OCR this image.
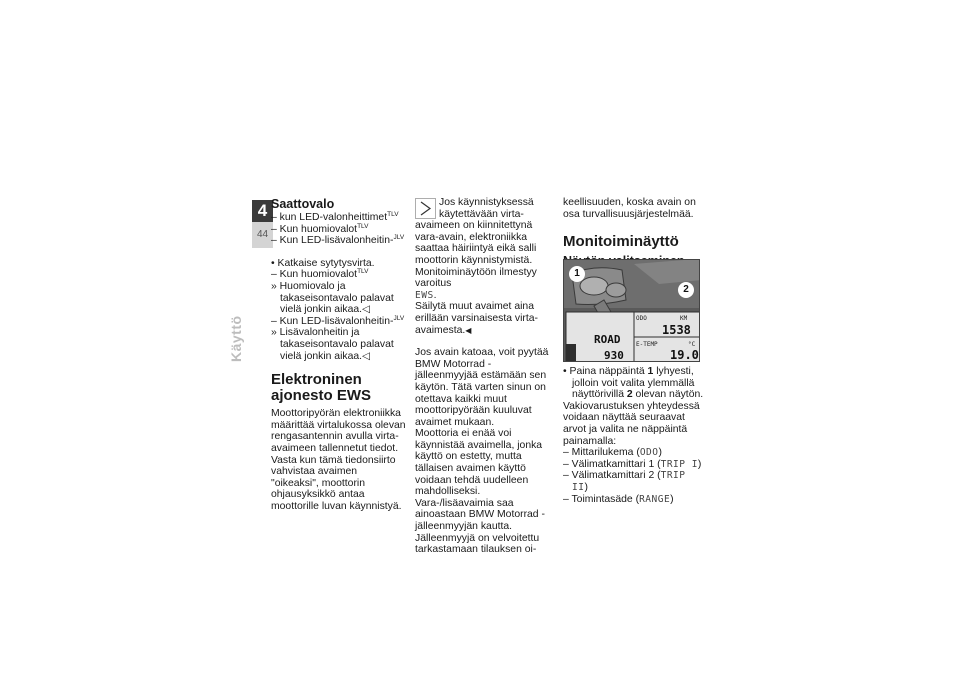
4
44
Käyttö
Saattovalo
– kun LED-valonheittimet$^{TLV}$
– Kun huomiovalot$^{TLV}$
– Kun LED-lisävalonheitin-$^{JLV}$
• Katkaise sytytysvirta.
– Kun huomiovalot$^{TLV}$
» Huomiovalo ja takaseisontavalo palavat vielä jonkin aikaa.◁
– Kun LED-lisävalonheitin-$^{JLV}$
» Lisävalonheitin ja takaseisontavalo palavat vielä jonkin aikaa.◁
Elektroninen ajonesto EWS
Moottoripyörän elektroniikka määrittää virtalukossa olevan rengasantennin avulla virtaavaimeen tallennetut tiedot. Vasta kun tämä tiedonsiirto vahvistaa avaimen "oikeaksi", moottorin ohjausyksikkö antaa moottorille luvan käynnistyä.
Jos käynnistyksessä käytettävään virta-avaimeen on kiinnitettynä vara-avain, elektroniikka saattaa häiriintyä eikä salli moottorin käynnistymistä. Monitoiminäytöön ilmestyy varoitus
EWS.
Säilytä muut avaimet aina erillään varsinaisesta virta-avaimesta.◀
Jos avain katoaa, voit pyytää BMW Motorrad -jälleenmyyjää estämään sen käytön. Tätä varten sinun on otettava kaikki muut moottoripyörään kuuluvat avaimet mukaan.
Moottoria ei enää voi käynnistää avaimella, jonka käyttö on estetty, mutta tällaisen avaimen käyttö voidaan tehdä uudelleen mahdolliseksi.
Vara-/lisäavaimia saa ainoastaan BMW Motorrad -jälleenmyyjän kautta. Jälleenmyyjä on velvoitettu tarkastamaan tilauksen oi-
keellisuuden, koska avain on osa turvallisuusjärjestelmää.
Monitoiminäyttö
ODO	KM
1538
E-TEMP	°C
19.0
ROAD
930
1
2
• Paina näppäintä 1 lyhyesti, jolloin voit valita ylemmällä näyttörivillä 2 olevan näytön.
Vakiovarustuksen yhteydessä voidaan näyttää seuraavat arvot ja valita ne näppäintä painamalla:
– Mittarilukema (ODO)
– Välimatkamittari 1 (TRIP I)
– Välimatkamittari 2 (TRIP II)
– Toimintasäde (RANGE)
